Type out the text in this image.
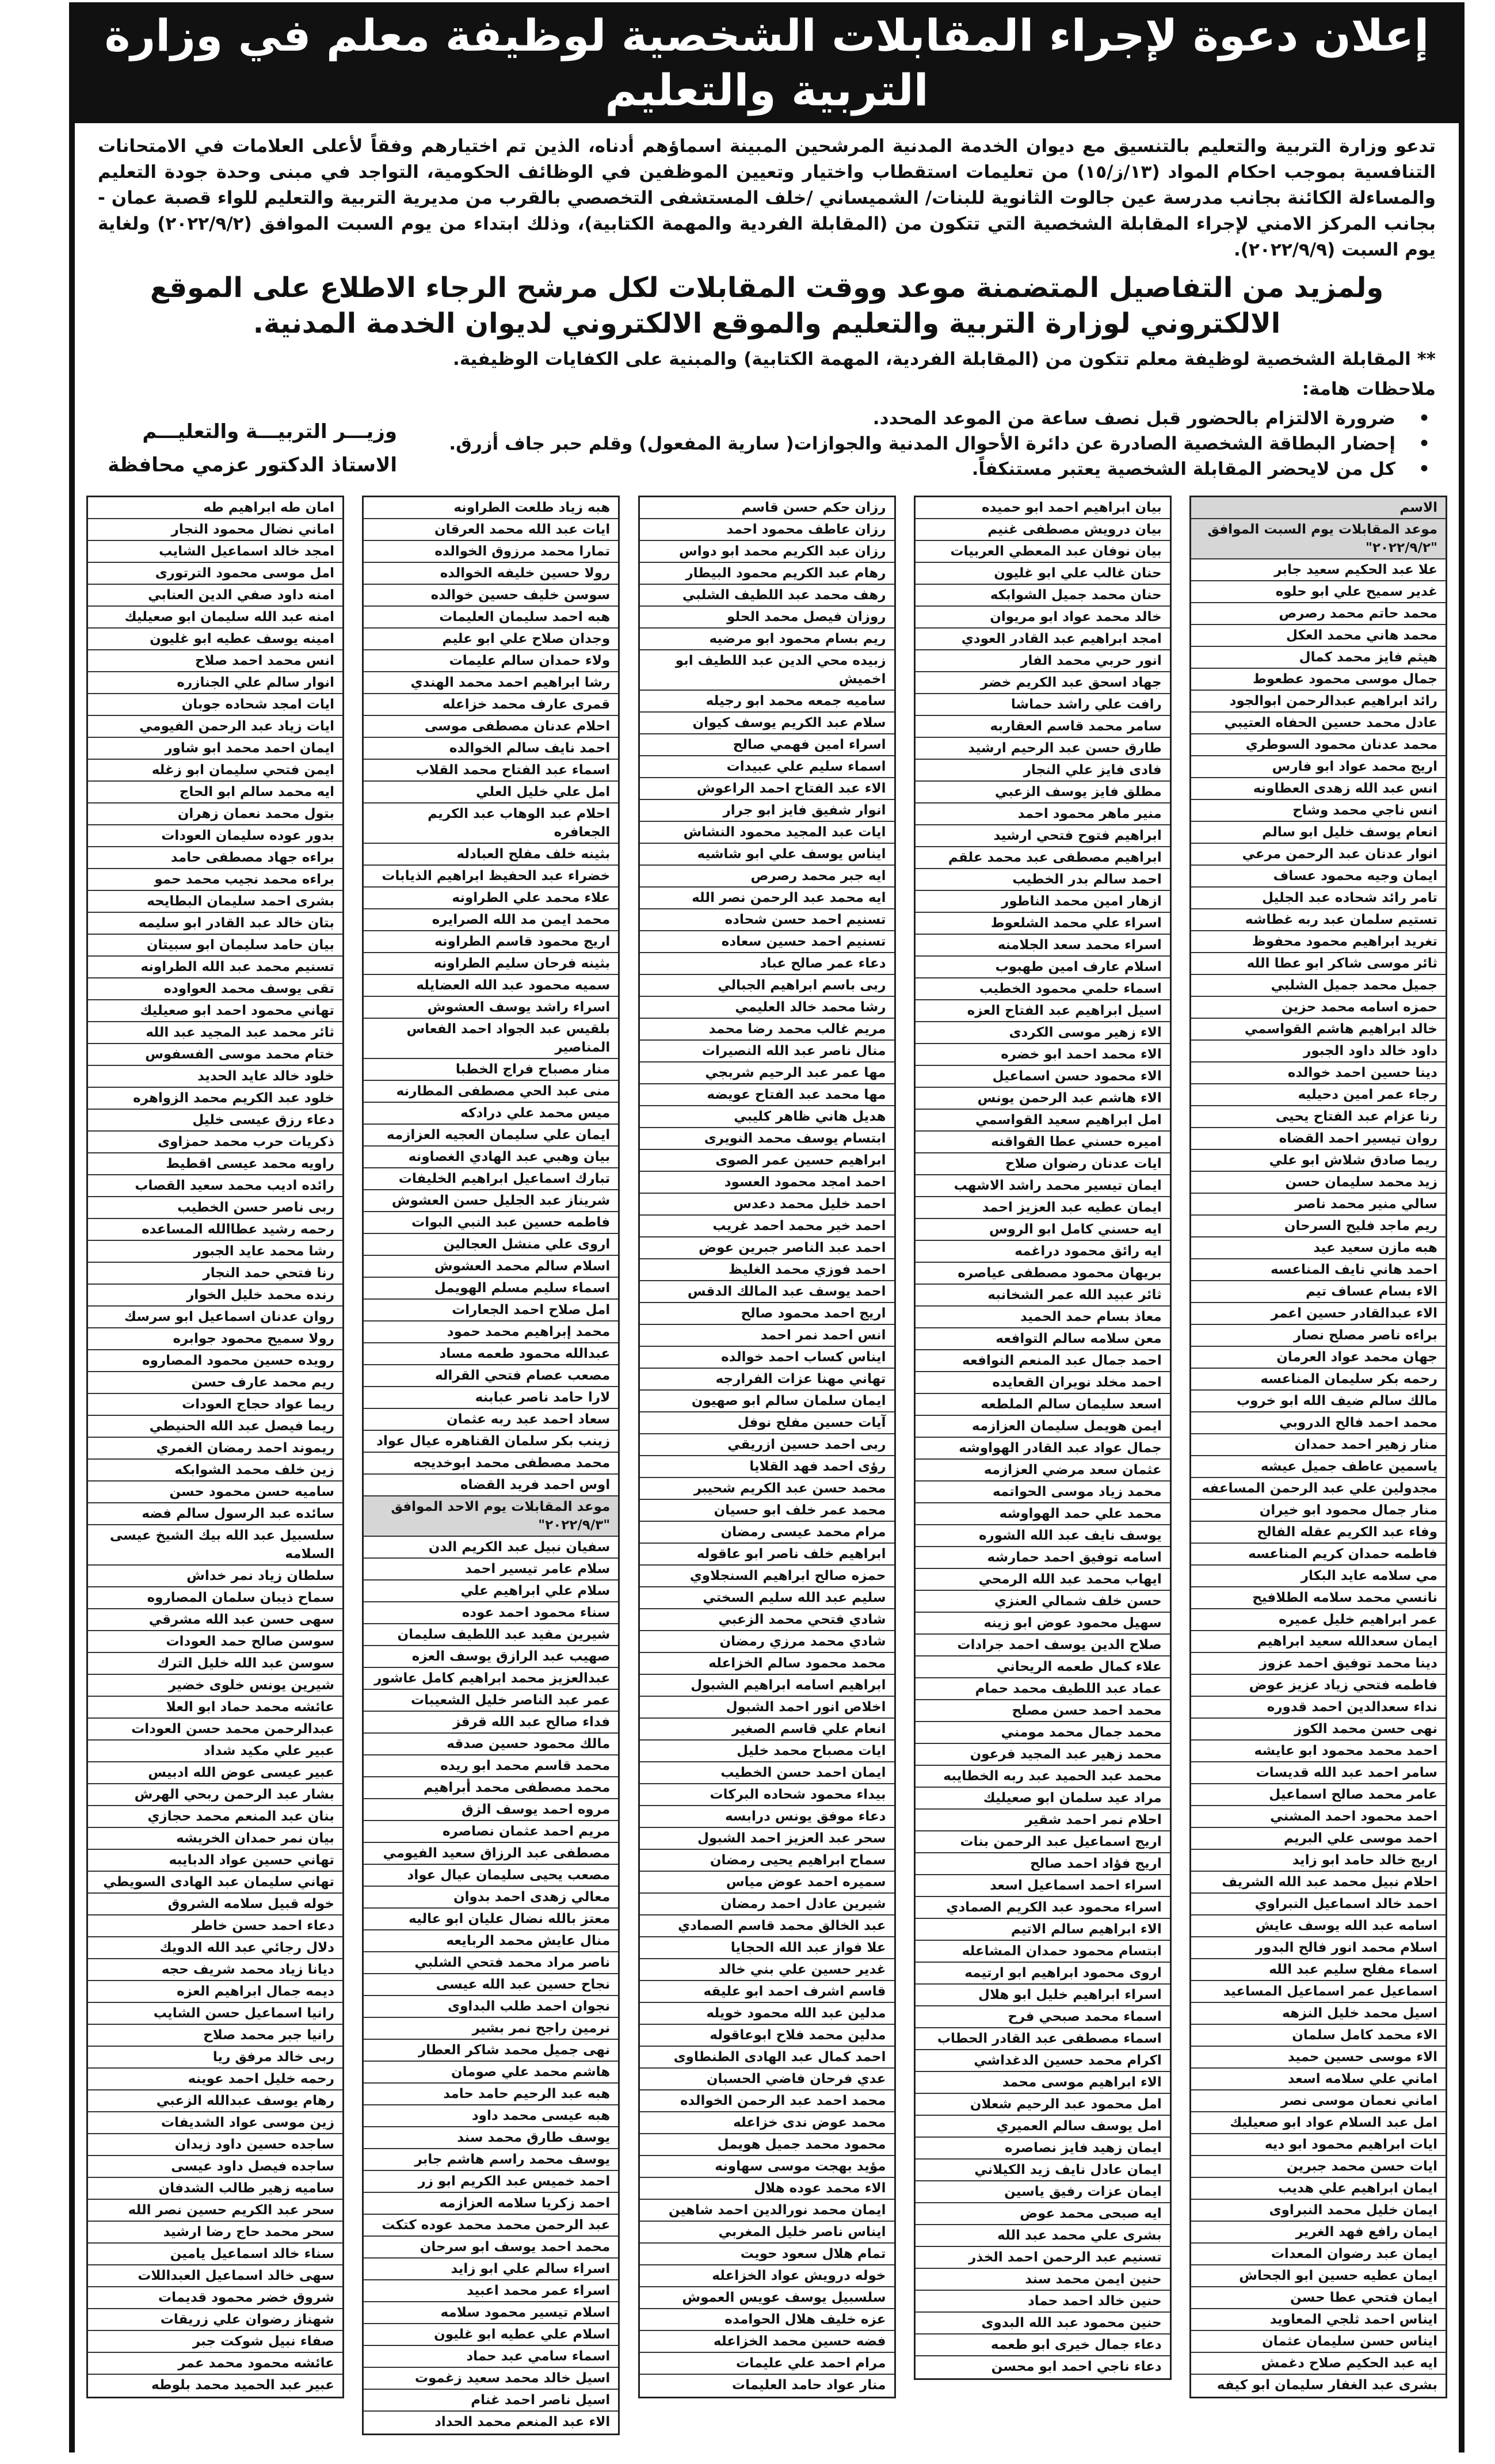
إعلان دعوة لإجراء المقابلات الشخصية لوظيفة معلم في وزارة التربية والتعليم
تدعو وزارة التربية والتعليم بالتنسيق مع ديوان الخدمة المدنية المرشحين المبينة اسماؤهم أدناه، الذين تم اختيارهم وفقاً لأعلى العلامات في الامتحانات التنافسية بموجب احكام المواد (١٣/ز/١٥) من تعليمات استقطاب واختيار وتعيين الموظفين في الوظائف الحكومية، التواجد في مبنى وحدة جودة التعليم والمساءلة الكائنة بجانب مدرسة عين جالوت الثانوية للبنات/ الشميساني /خلف المستشفى التخصصي بالقرب من مديرية التربية والتعليم للواء قصبة عمان - بجانب المركز الامني لإجراء المقابلة الشخصية التي تتكون من (المقابلة الفردية والمهمة الكتابية)، وذلك ابتداء من يوم السبت الموافق (٢٠٢٢/٩/٢) ولغاية يوم السبت (٢٠٢٢/٩/٩).
ولمزيد من التفاصيل المتضمنة موعد ووقت المقابلات لكل مرشح الرجاء الاطلاع على الموقع الالكتروني لوزارة التربية والتعليم والموقع الالكتروني لديوان الخدمة المدنية.
** المقابلة الشخصية لوظيفة معلم تتكون من (المقابلة الفردية، المهمة الكتابية) والمبنية على الكفايات الوظيفية.
ملاحظات هامة:
•
ضرورة الالتزام بالحضور قبل نصف ساعة من الموعد المحدد.
•
إحضار البطاقة الشخصية الصادرة عن دائرة الأحوال المدنية والجوازات( سارية المفعول) وقلم حبر جاف أزرق.
•
كل من لايحضر المقابلة الشخصية يعتبر مستنكفاً.
وزيـــر التربيـــة والتعليـــم
الاستاذ الدكتور عزمي محافظة
الاسم
موعد المقابلات يوم السبت الموافق "٢٠٢٢/٩/٢"
علا عبد الحكيم سعيد جابر
غدير سميح علي ابو حلوه
محمد حاتم محمد رصرص
محمد هاني محمد العكل
هيثم فايز محمد كمال
جمال موسى محمود عطعوط
رائد ابراهيم عبدالرحمن ابوالجود
عادل محمد حسين الحفاه العتيبي
محمد عدنان محمود السوطري
اريج محمد عواد ابو فارس
انس عبد الله زهدى العطاونه
انس ناجي محمد وشاح
انعام يوسف خليل ابو سالم
انوار عدنان عبد الرحمن مرعي
ايمان وجيه محمود عساف
تامر رائد شحاده عبد الجليل
تستيم سلمان عبد ربه غطاشه
تغريد ابراهيم محمود محفوظ
ثائر موسى شاكر ابو عطا الله
جميل محمد جميل الشلبي
حمزه اسامه محمد حزين
خالد ابراهيم هاشم القواسمي
داود خالد داود الجبور
دينا حسين احمد خوالده
رجاء عمر امين دحيليه
رنا عزام عبد الفتاح يحيى
روان تيسير احمد القضاه
ريما صادق شلاش ابو علي
زيد محمد سليمان حسن
سالي منير محمد ناصر
ريم ماجد فليح السرحان
هبه مازن سعيد عيد
احمد هاني نايف المناعسه
الاء بسام عساف تيم
الاء عبدالقادر حسين اعمر
براءه ناصر مصلح نصار
جهان محمد عواد العرمان
رحمه بكر سليمان المناعسه
مالك سالم ضيف الله ابو خروب
محمد احمد فالح الدروبي
منار زهير احمد حمدان
ياسمين عاطف جميل عيشه
مجدولين علي عبد الرحمن المساعفه
منار جمال محمود ابو خيران
وفاء عبد الكريم عقله الفالح
فاطمه حمدان كريم المناعسه
مي سلامه عايد البكار
نانسي محمد سلامه الطلافيح
عمر ابراهيم خليل عميره
ايمان سعدالله سعيد ابراهيم
دينا محمد توفيق احمد عزوز
فاطمه فتحي زياد عزيز عوض
نداء سعدالدين احمد قدوره
نهى حسن محمد الكوز
احمد محمد محمود ابو عايشه
سامر احمد عبد الله قديسات
عامر محمد صالح اسماعيل
احمد محمود احمد المشني
احمد موسى علي البريم
اريج خالد حامد ابو زايد
احلام نبيل محمد عبد الله الشريف
احمد خالد اسماعيل النبراوي
اسامه عبد الله يوسف عايش
اسلام محمد انور فالح البدور
اسماء مفلح سليم عبد الله
اسماعيل عمر اسماعيل المساعيد
اسيل محمد خليل النزهه
الاء محمد كامل سلمان
الاء موسى حسين حميد
اماني علي سلامه اسعد
اماني نعمان موسى نصر
امل عبد السلام عواد ابو صعيليك
ايات ابراهيم محمود ابو ديه
ايات حسن محمد جبرين
ايمان ابراهيم علي هديب
ايمان خليل محمد النبراوى
ايمان رافع فهد الغرير
ايمان عبد رضوان المعدات
ايمان عطيه حسين ابو الجحاش
ايمان فتحي عطا حسن
ايناس احمد ثلجي المعاويد
ايناس حسن سليمان عثمان
ايه عبد الحكيم صلاح دغمش
بشرى عبد الغفار سليمان ابو كيفه
بيان ابراهيم احمد ابو حميده
بيان درويش مصطفى غنيم
بيان نوفان عبد المعطي العربيات
حنان غالب علي ابو غليون
حنان محمد جميل الشوابكه
خالد محمد عواد ابو مريوان
امجد ابراهيم عبد القادر العودي
انور حربي محمد الفار
جهاد اسحق عبد الكريم خضر
رافت علي راشد حماشا
سامر محمد قاسم العقاربه
طارق حسن عبد الرحيم ارشيد
فادى فايز علي النجار
مطلق فايز يوسف الزعبي
منير ماهر محمود احمد
ابراهيم فتوح فتحي ارشيد
ابراهيم مصطفى عبد محمد علقم
احمد سالم بدر الخطيب
ازهار امين محمد الناطور
اسراء علي محمد الشلعوط
اسراء محمد سعد الجلامنه
اسلام عارف امين طهبوب
اسماء حلمي محمود الخطيب
اسيل ابراهيم عبد الفتاح العزه
الاء زهير موسى الكردى
الاء محمد احمد ابو خضره
الاء محمود حسن اسماعيل
الاء هاشم عبد الرحمن يونس
امل ابراهيم سعيد القواسمي
اميره حسني عطا القواقنه
ايات عدنان رضوان صلاح
ايمان تيسير محمد راشد الاشهب
ايمان عطيه عبد العزيز احمد
ايه حسني كامل ابو الروس
ايه رائق محمود دراغمه
بريهان محمود مصطفى عياصره
ثائر عبيد الله عمر الشخانبه
معاذ بسام حمد الحميد
معن سلامه سالم التوافعه
احمد جمال عبد المنعم النوافعه
احمد مخلد نويران القعايده
اسعد سليمان سالم الملطعه
ايمن هويمل سليمان العزازمه
جمال عواد عبد القادر الهواوشه
عثمان سعد مرضي العزازمه
محمد زياد موسى الحواتمه
محمد علي حمد الهواوشه
يوسف نايف عبد الله الشوره
اسامه توفيق احمد حمارشه
ايهاب محمد عبد الله الرمحي
حسن خلف شمالي العنزي
سهيل محمود عوض ابو زينه
صلاح الدين يوسف احمد جرادات
علاء كمال طعمه الريحاني
عماد عبد اللطيف محمد حمام
محمد احمد حسن مصلح
محمد جمال محمد مومني
محمد زهير عبد المجيد فرعون
محمد عبد الحميد عبد ربه الخطايبه
مراد عيد سلمان ابو صعيليك
احلام نمر احمد شقير
اريج اسماعيل عبد الرحمن بنات
اريج فؤاد احمد صالح
اسراء احمد اسماعيل اسعد
اسراء محمود عبد الكريم الصمادي
الاء ابراهيم سالم الاتيم
ابتسام محمود حمدان المشاعله
اروى محمود ابراهيم ابو ارتيمه
اسراء ابراهيم خليل ابو هلال
اسماء محمد صبحي فرح
اسماء مصطفى عبد القادر الحطاب
اكرام محمد حسين الدغداشي
الاء ابراهيم موسى محمد
امل محمود عبد الرحيم شعلان
امل يوسف سالم العميري
ايمان زهيد فايز نصاصره
ايمان عادل نايف زيد الكيلاني
ايمان عزات رفيق ياسين
ايه صبحى محمد عوض
بشرى علي محمد عبد الله
تسنيم عبد الرحمن احمد الخذر
حنين ايمن محمد سند
حنين خالد احمد حماد
حنين محمود عبد الله البدوى
دعاء جمال خيرى ابو طعمه
دعاء ناجي احمد ابو محسن
رزان حكم حسن قاسم
رزان عاطف محمود احمد
رزان عبد الكريم محمد ابو دواس
رهام عبد الكريم محمود البيطار
رهف محمد عبد اللطيف الشلبي
روزان فيصل محمد الحلو
ريم بسام محمود ابو مرضيه
زبيده محي الدين عبد اللطيف ابو اخميش
ساميه جمعه محمد ابو رجيله
سلام عبد الكريم يوسف كيوان
اسراء امين فهمي صالح
اسماء سليم علي عبيدات
الاء عبد الفتاح احمد الراعوش
انوار شفيق فايز ابو جرار
ايات عبد المجيد محمود النشاش
ايناس يوسف علي ابو شاشيه
ايه جبر محمد رصرص
ايه محمد عبد الرحمن نصر الله
تسنيم احمد حسن شحاده
تسنيم احمد حسين سعاده
دعاء عمر صالح عباد
ربى باسم ابراهيم الجبالي
رشا محمد خالد العليمي
مريم غالب محمد رضا محمد
منال ناصر عبد الله النصيرات
مها عمر عبد الرحيم شربجي
مها محمد عبد الفتاح عويضه
هديل هاني ظاهر كليبي
ابتسام يوسف محمد النويرى
ابراهيم حسين عمر الصوى
احمد امجد محمود العسود
احمد خليل محمد دعدس
احمد خير محمد احمد غريب
احمد عبد الناصر جبرين عوض
احمد فوزي محمد الغليظ
احمد يوسف عبد المالك الدقس
اريج احمد محمود صالح
انس احمد نمر احمد
ايناس كساب احمد خوالده
تهاني مهنا عزات الفرارجه
ايمان سلمان سالم ابو صهيون
آيات حسين مفلح نوفل
ربى احمد حسين ازريقي
رؤى احمد فهد القلايا
محمد حسن عبد الكريم شحيبر
محمد عمر خلف ابو حسيان
مرام محمد عيسى رمضان
ابراهيم خلف ناصر ابو عاقوله
حمزه صالح ابراهيم السنجلاوي
سليم عبد الله سليم السختي
شادي فتحي محمد الزعبي
شادي محمد مرزي رمضان
محمد محمود سالم الخزاعله
ابراهيم اسامه ابراهيم الشبول
اخلاص انور احمد الشبول
انعام علي قاسم الصغير
ايات مصباح محمد خليل
ايمان احمد حسن الخطيب
بيداء محمود شحاده البركات
دعاء موفق يونس درابسه
سحر عبد العزيز احمد الشبول
سماح ابراهيم يحيى رمضان
سميره احمد عوض مياس
شيرين عادل احمد رمضان
عبد الخالق محمد قاسم الصمادي
علا فواز عبد الله الحجايا
غدير حسين علي بني خالد
قاسم اشرف احمد ابو عليقه
مدلين عبد الله محمود خويله
مدلين محمد فلاح ابوعاقوله
احمد كمال عبد الهادى الطنطاوى
عدي فرحان فاضي الحسبان
محمد احمد عبد الرحمن الخوالده
محمد عوض ندى خزاعله
محمود محمد جميل هويمل
مؤيد بهجت موسى سهاونه
الاء محمد عوده هلال
ايمان محمد نورالدين احمد شاهين
ايناس ناصر خليل المغربي
تمام هلال سعود حويت
خوله درويش عواد الخزاعله
سلسبيل يوسف عويس العموش
عزه خليف هلال الحوامده
فضه حسين محمد الخزاعله
مرام احمد علي عليمات
منار عواد حامد العليمات
هبه زياد طلعت الطراونه
ايات عبد الله محمد العرقان
تمارا محمد مرزوق الخوالده
رولا حسين خليفه الخوالده
سوسن خليف حسين خوالده
هبه احمد سليمان العليمات
وجدان صلاح علي ابو عليم
ولاء حمدان سالم عليمات
رشا ابراهيم احمد محمد الهندي
قمرى عارف محمد خزاعله
احلام عدنان مصطفى موسى
احمد نايف سالم الخوالده
اسماء عبد الفتاح محمد القلاب
امل علي خليل العلي
احلام عبد الوهاب عبد الكريم الجعافره
بثينه خلف مفلح العبادله
خضراء عبد الحفيظ ابراهيم الذيابات
علاء محمد علي الطراونه
محمد ايمن مد الله الصرايره
اريج محمود قاسم الطراونه
بثينه فرحان سليم الطراونه
سميه محمود عبد الله العضايله
اسراء راشد يوسف العشوش
بلقيس عبد الجواد احمد الفعاس المناصير
منار مصباح فراج الخطبا
منى عبد الحي مصطفى المطارنه
ميس محمد علي درادكه
ايمان علي سليمان العجيه العزازمه
بيان وهبي عبد الهادي الغصاونه
تبارك اسماعيل ابراهيم الخليفات
شريناز عبد الجليل حسن العشوش
فاطمه حسين عبد النبي البوات
اروى علي منشل العجالين
اسلام سالم محمد العشوش
اسماء سليم مسلم الهويمل
امل صلاح احمد الجعارات
محمد إبراهيم محمد حمود
عبدالله محمود طعمه مساد
مصعب عصام فتحي القراله
لارا حامد ناصر عبابنه
سعاد احمد عبد ربه عثمان
زينب بكر سلمان القناهره عيال عواد
محمد مصطفى محمد ابوخديجه
اوس احمد فريد القضاه
موعد المقابلات يوم الاحد الموافق "٢٠٢٢/٩/٣"
سفيان نبيل عبد الكريم الدن
سلام عامر تيسير احمد
سلام علي ابراهيم علي
سناء محمود احمد عوده
شيرين مفيد عبد اللطيف سليمان
صهيب عبد الرازق يوسف العزه
عبدالعزيز محمد ابراهيم كامل عاشور
عمر عبد الناصر خليل الشعيبات
فداء صالح عبد الله قرقز
مالك محمود حسين صدقه
محمد قاسم محمد ابو ريده
محمد مصطفى محمد أبراهيم
مروه احمد يوسف الزق
مريم احمد عثمان نصاصره
مصطفى عبد الرزاق سعيد الفيومي
مصعب يحيى سليمان عيال عواد
معالي زهدى احمد بدوان
معتز بالله نضال عليان ابو عاليه
منال عايش محمد الربايعه
ناصر مراد محمد فتحي الشلبي
نجاح حسين عبد الله عيسى
نجوان احمد طلب البداوى
نرمين راجح نمر بشير
نهى جميل محمد شاكر العطار
هاشم محمد علي صومان
هبه عبد الرحيم حامد حامد
هبه عيسى محمد داود
يوسف طارق محمد سند
يوسف محمد راسم هاشم جابر
احمد خميس عبد الكريم ابو زر
احمد زكريا سلامه العزازمه
عبد الرحمن محمد محمد عوده كتكت
محمد احمد يوسف ابو سرحان
اسراء سالم علي ابو زايد
اسراء عمر محمد اعبيد
اسلام تيسير محمود سلامه
اسلام علي عطيه ابو غليون
اسماء سامي عبد حماد
اسيل خالد محمد سعيد زغموت
اسيل ناصر احمد غنام
الاء عبد المنعم محمد الحداد
امان طه ابراهيم طه
اماني نضال محمود النجار
امجد خالد اسماعيل الشايب
امل موسى محمود الترتورى
امنه داود صفي الدين العنابي
امنه عبد الله سليمان ابو صعيليك
امينه يوسف عطيه ابو غليون
انس محمد احمد صلاح
انوار سالم علي الجنازره
ايات امجد شحاده جوبان
ايات زياد عبد الرحمن الفيومي
ايمان احمد محمد ابو شاور
ايمن فتحي سليمان ابو زغله
ايه محمد سالم ابو الحاج
بتول محمد نعمان زهران
بدور عوده سليمان العودات
براءه جهاد مصطفى حامد
براءه محمد نجيب محمد حمو
بشرى احمد سليمان البطايحه
بتان خالد عبد القادر ابو سليمه
بيان حامد سليمان ابو سبيتان
تسنيم محمد عبد الله الطراونه
تقى يوسف محمد العواوده
تهاني محمود احمد ابو صعيليك
ثائر محمد عبد المجيد عبد الله
ختام محمد موسى الفسفوس
خلود خالد عايد الحديد
خلود عبد الكريم محمد الزواهره
دعاء رزق عيسى خليل
ذكريات حرب محمد حمزاوى
راويه محمد عيسى اقطيط
رائده اديب محمد سعيد القصاب
ربى ناصر حسن الخطيب
رحمه رشيد عطاالله المساعده
رشا محمد عايد الجبور
رنا فتحي حمد النجار
رنده محمد خليل الخوار
روان عدنان اسماعيل ابو سرسك
رولا سميح محمود جوابره
رويده حسين محمود المصاروه
ريم محمد عارف حسن
ريما عواد حجاج العودات
ريما فيصل عبد الله الحنيطي
ريموند احمد رمضان الغمري
زين خلف محمد الشوابكه
ساميه حسن محمود حسن
سائده عبد الرسول سالم فضه
سلسبيل عبد الله بيك الشيخ عيسى السلامه
سلطان زياد نمر خداش
سماح ذيبان سلمان المصاروه
سهى حسن عبد الله مشرقي
سوسن صالح حمد العودات
سوسن عبد الله خليل الترك
شيرين يونس خلوى خضير
عائشه محمد حماد ابو العلا
عبدالرحمن محمد حسن العودات
عبير علي مكيد شداد
عبير عيسى عوض الله ادبيس
بشار عبد الرحمن ربحي الهرش
بنان عبد المنعم محمد حجازي
بيان نمر حمدان الخريشه
تهاني حسين عواد الدبايبه
تهاني سليمان عبد الهادى السويطي
خوله قبيل سلامه الشروق
دعاء احمد حسن خاطر
دلال رجائي عبد الله الدويك
ديانا زياد محمد شريف حجه
ديمه جمال ابراهيم العزه
رانيا اسماعيل حسن الشايب
رانيا جبر محمد صلاح
ربى خالد مرفق ريا
رحمه خليل احمد عوينه
رهام يوسف عبدالله الزعبي
زين موسى عواد الشديفات
ساجده حسين داود زيدان
ساجده فيصل داود عيسى
ساميه زهير طالب الشدفان
سحر عبد الكريم حسين نصر الله
سحر محمد حاج رضا ارشيد
سناء خالد اسماعيل يامين
سهى خالد اسماعيل العبداللات
شروق خضر محمود قديمات
شهناز رضوان علي زريقات
صفاء نبيل شوكت جبر
عائشه محمود محمد عمر
عبير عبد الحميد محمد بلوطه
